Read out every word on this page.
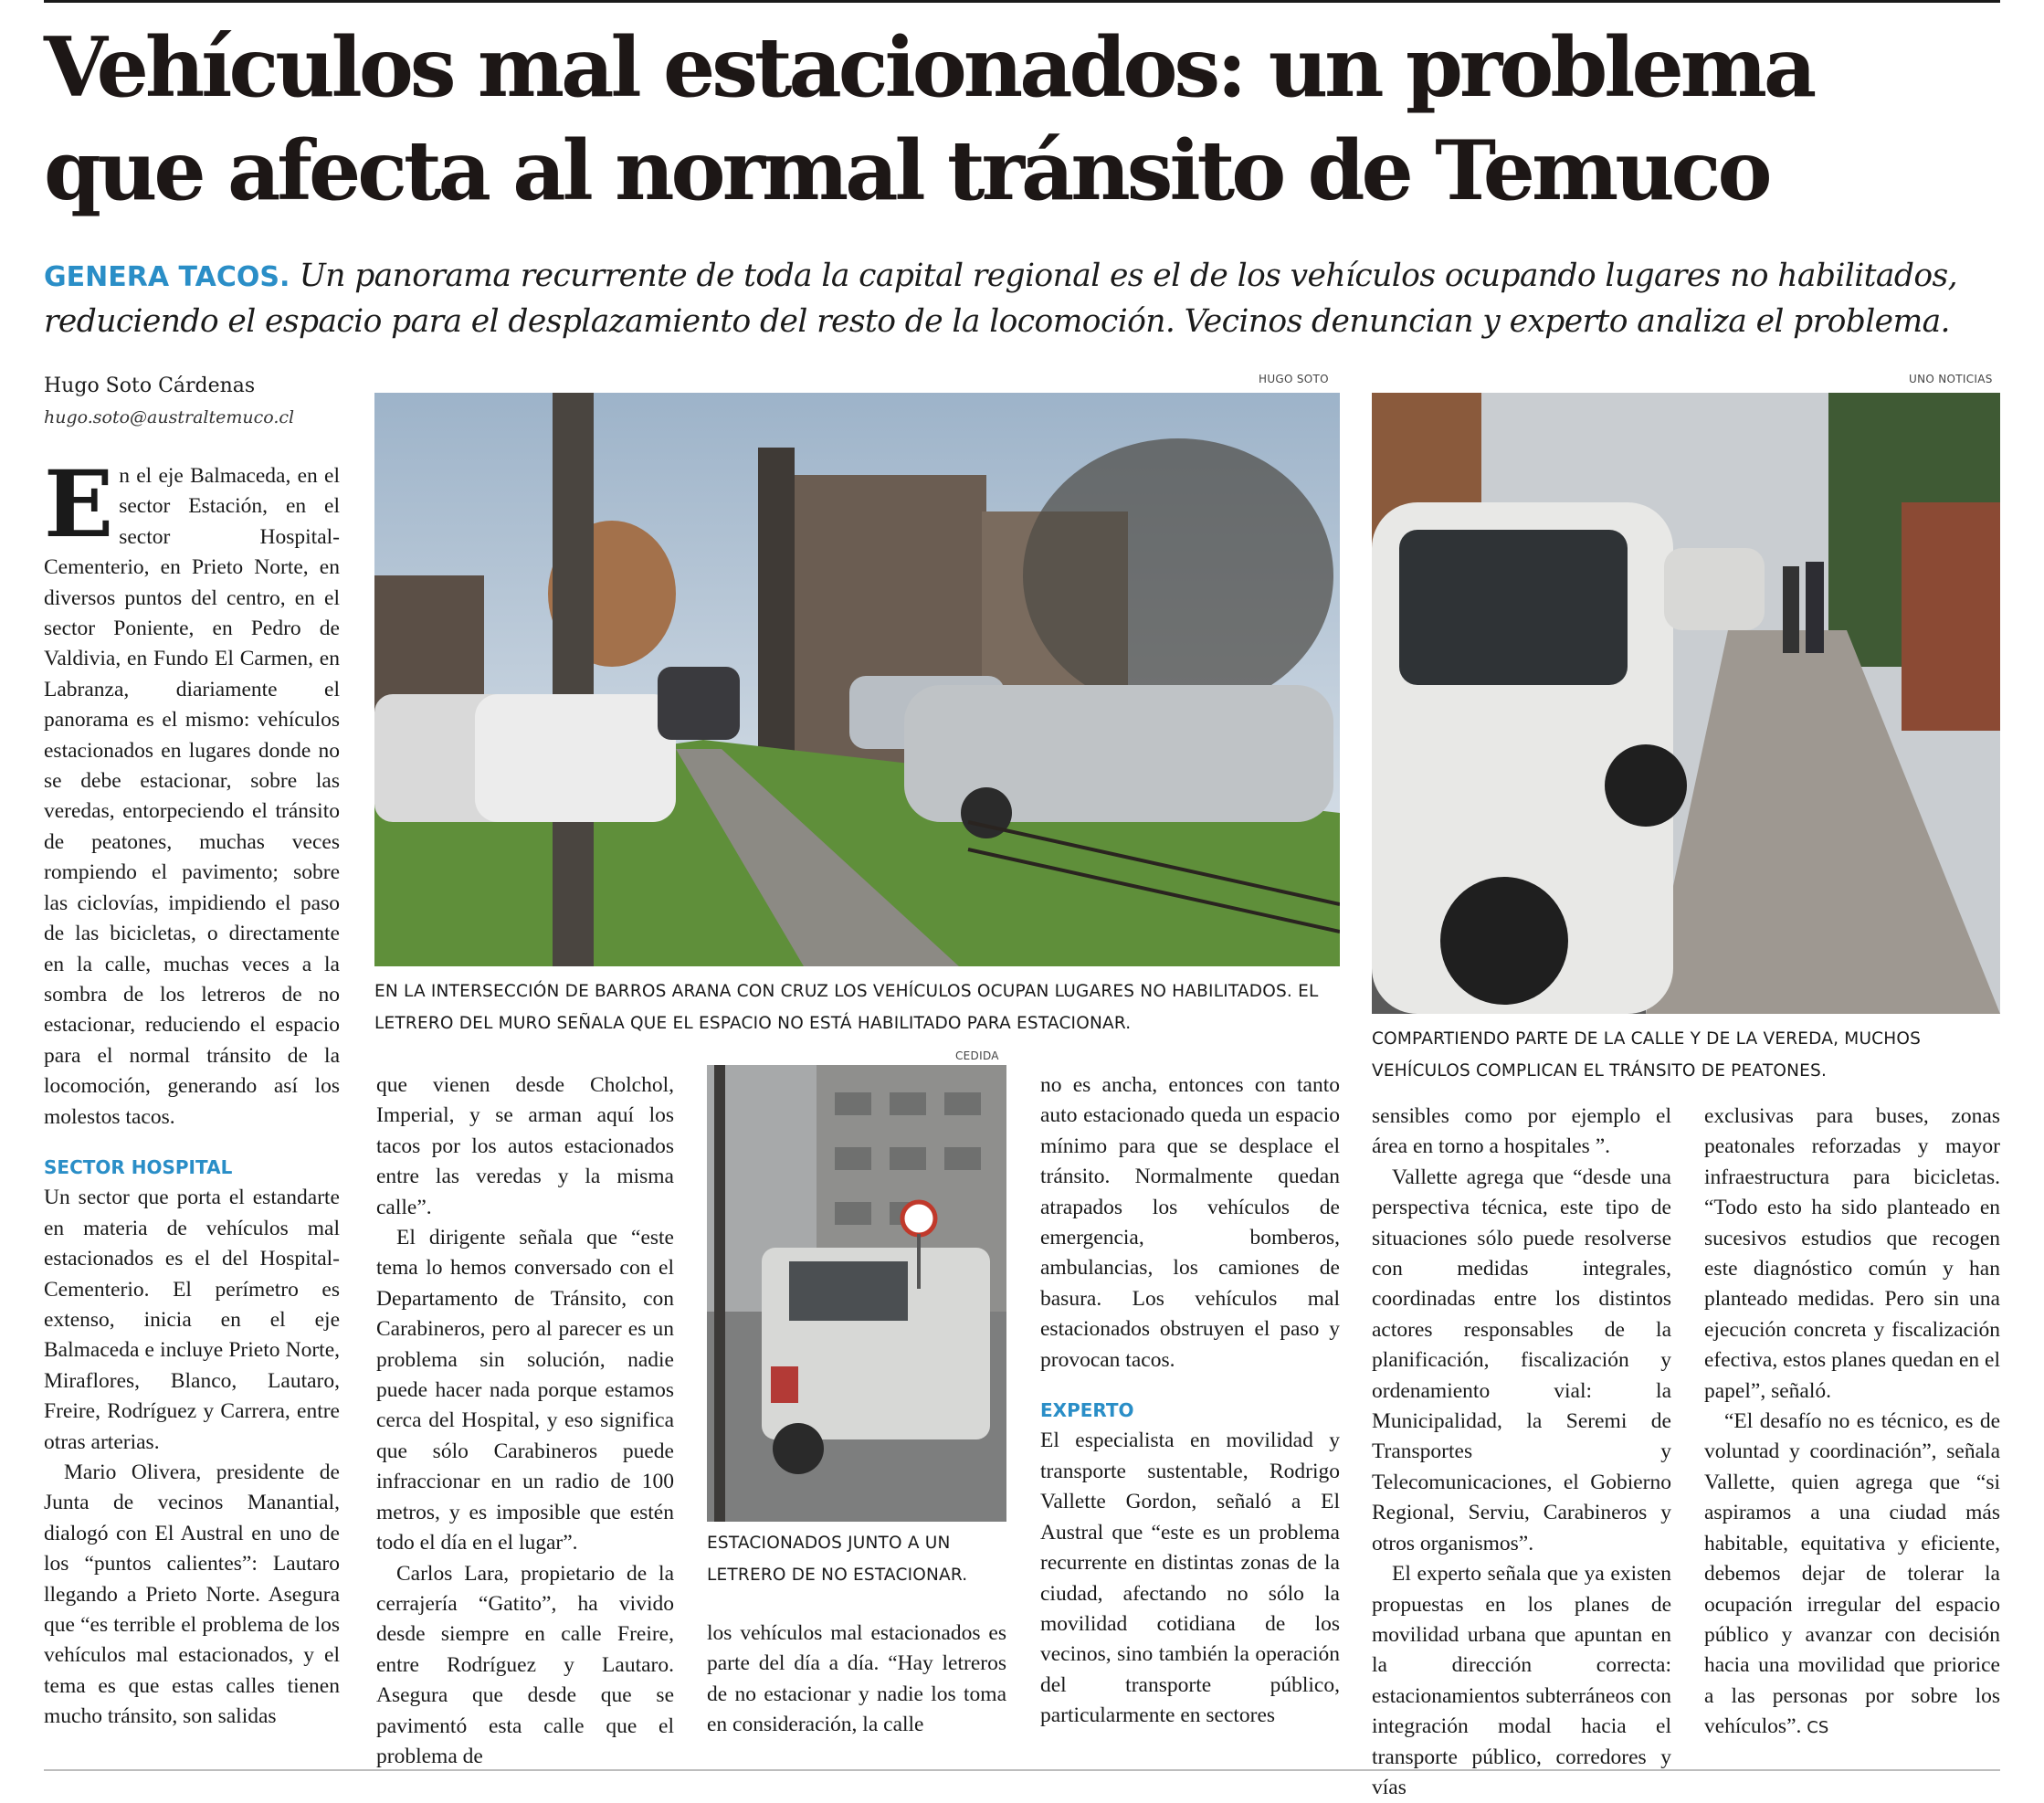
Vehículos mal estacionados: un problema
que afecta al normal tránsito de Temuco
GENERA TACOS. Un panorama recurrente de toda la capital regional es el de los vehículos ocupando lugares no habilitados, reduciendo el espacio para el desplazamiento del resto de la locomoción. Vecinos denuncian y experto analiza el problema.
Hugo Soto Cárdenas
hugo.soto@australtemuco.cl
HUGO SOTO
EN LA INTERSECCIÓN DE BARROS ARANA CON CRUZ LOS VEHÍCULOS OCUPAN LUGARES NO HABILITADOS. EL LETRERO DEL MURO SEÑALA QUE EL ESPACIO NO ESTÁ HABILITADO PARA ESTACIONAR.
UNO NOTICIAS
COMPARTIENDO PARTE DE LA CALLE Y DE LA VEREDA, MUCHOS VEHÍCULOS COMPLICAN EL TRÁNSITO DE PEATONES.
CEDIDA
ESTACIONADOS JUNTO A UN LETRERO DE NO ESTACIONAR.

En el eje Balmaceda, en el sector Estación, en el sector Hospital-Cementerio, en Prieto Norte, en diversos puntos del centro, en el sector Poniente, en Pedro de Valdivia, en Fundo El Carmen, en Labranza, diariamente el panorama es el mismo: vehículos estacionados en lugares donde no se debe estacionar, sobre las veredas, entorpeciendo el tránsito de peatones, muchas veces rompiendo el pavimento; sobre las ciclovías, impidiendo el paso de las bicicletas, o directamente en la calle, muchas veces a la sombra de los letreros de no estacionar, reduciendo el espacio para el normal tránsito de la locomoción, generando así los molestos tacos.

SECTOR HOSPITAL

Un sector que porta el estandarte en materia de vehículos mal estacionados es el del Hospital-Cementerio. El perímetro es extenso, inicia en el eje Balmaceda e incluye Prieto Norte, Miraflores, Blanco, Lautaro, Freire, Rodríguez y Carrera, entre otras arterias.

Mario Olivera, presidente de Junta de vecinos Manantial, dialogó con El Austral en uno de los “puntos calientes”: Lautaro llegando a Prieto Norte. Asegura que “es terrible el problema de los vehículos mal estacionados, y el tema es que estas calles tienen mucho tránsito, son salidas

que vienen desde Cholchol, Imperial, y se arman aquí los tacos por los autos estacionados entre las veredas y la misma calle”.

El dirigente señala que “este tema lo hemos conversado con el Departamento de Tránsito, con Carabineros, pero al parecer es un problema sin solución, nadie puede hacer nada porque estamos cerca del Hospital, y eso significa que sólo Carabineros puede infraccionar en un radio de 100 metros, y es imposible que estén todo el día en el lugar”.

Carlos Lara, propietario de la cerrajería “Gatito”, ha vivido desde siempre en calle Freire, entre Rodríguez y Lautaro. Asegura que desde que se pavimentó esta calle que el problema de

los vehículos mal estacionados es parte del día a día. “Hay letreros de no estacionar y nadie los toma en consideración, la calle

no es ancha, entonces con tanto auto estacionado queda un espacio mínimo para que se desplace el tránsito. Normalmente quedan atrapados los vehículos de emergencia, bomberos, ambulancias, los camiones de basura. Los vehículos mal estacionados obstruyen el paso y provocan tacos.

EXPERTO

El especialista en movilidad y transporte sustentable, Rodrigo Vallette Gordon, señaló a El Austral que “este es un problema recurrente en distintas zonas de la ciudad, afectando no sólo la movilidad cotidiana de los vecinos, sino también la operación del transporte público, particularmente en sectores

sensibles como por ejemplo el área en torno a hospitales ”.

Vallette agrega que “desde una perspectiva técnica, este tipo de situaciones sólo puede resolverse con medidas integrales, coordinadas entre los distintos actores responsables de la planificación, fiscalización y ordenamiento vial: la Municipalidad, la Seremi de Transportes y Telecomunicaciones, el Gobierno Regional, Serviu, Carabineros y otros organismos”.

El experto señala que ya existen propuestas en los planes de movilidad urbana que apuntan en la dirección correcta: estacionamientos subterráneos con integración modal hacia el transporte público, corredores y vías

exclusivas para buses, zonas peatonales reforzadas y mayor infraestructura para bicicletas. “Todo esto ha sido planteado en sucesivos estudios que recogen este diagnóstico común y han planteado medidas. Pero sin una ejecución concreta y fiscalización efectiva, estos planes quedan en el papel”, señaló.

“El desafío no es técnico, es de voluntad y coordinación”, señala Vallette, quien agrega que “si aspiramos a una ciudad más habitable, equitativa y eficiente, debemos dejar de tolerar la ocupación irregular del espacio público y avanzar con decisión hacia una movilidad que priorice a las personas por sobre los vehículos”. CS
